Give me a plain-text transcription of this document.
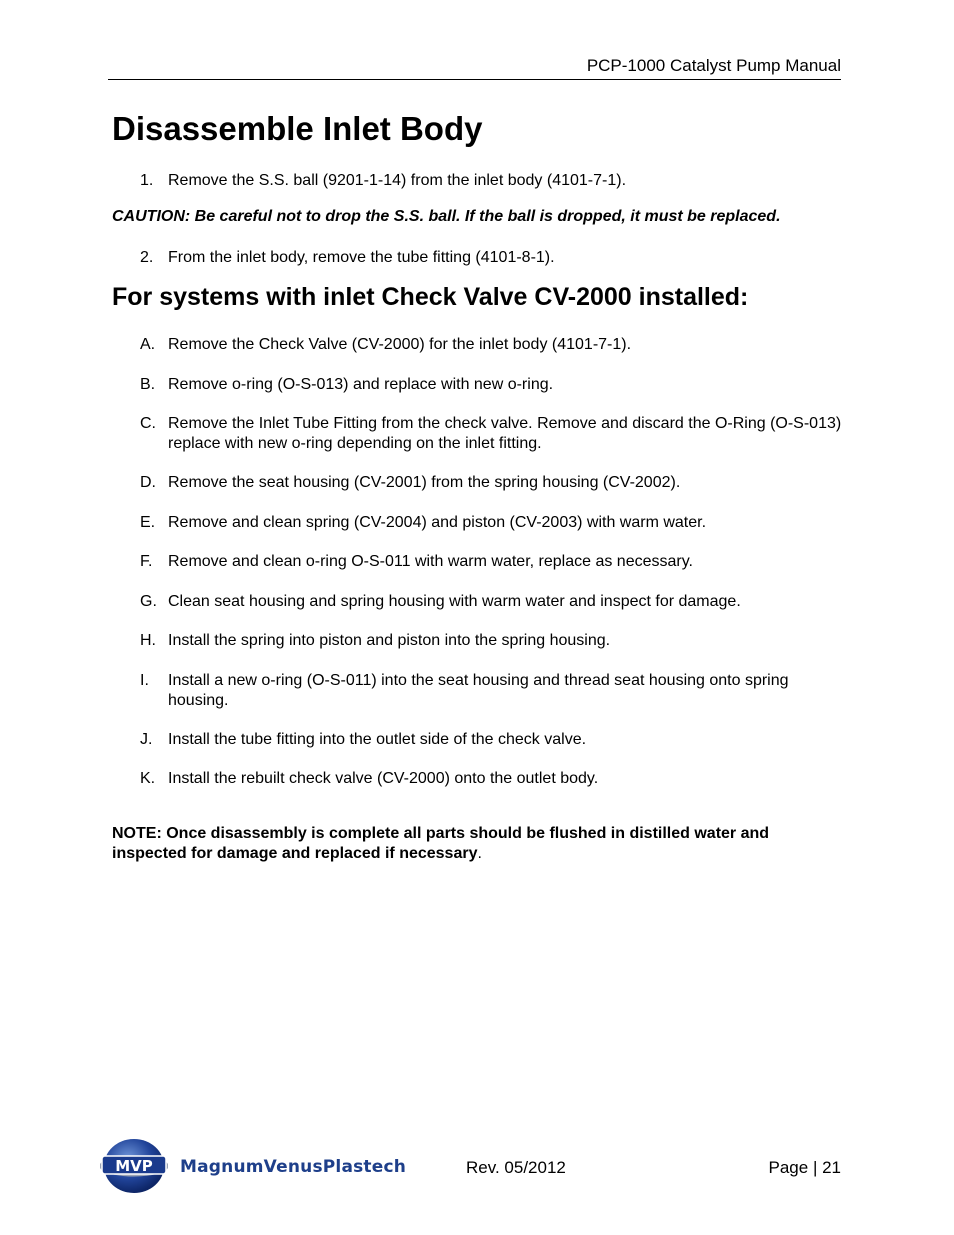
PCP-1000 Catalyst Pump Manual
Disassemble Inlet Body
1. Remove the S.S. ball (9201-1-14) from the inlet body (4101-7-1).
CAUTION: Be careful not to drop the S.S. ball. If the ball is dropped, it must be replaced.
2. From the inlet body, remove the tube fitting (4101-8-1).
For systems with inlet Check Valve CV-2000 installed:
A. Remove the Check Valve (CV-2000) for the inlet body (4101-7-1).
B. Remove o-ring (O-S-013) and replace with new o-ring.
C. Remove the Inlet Tube Fitting from the check valve. Remove and discard the O-Ring (O-S-013) replace with new o-ring depending on the inlet fitting.
D. Remove the seat housing (CV-2001) from the spring housing (CV-2002).
E. Remove and clean spring (CV-2004) and piston (CV-2003) with warm water.
F. Remove and clean o-ring O-S-011 with warm water, replace as necessary.
G. Clean seat housing and spring housing with warm water and inspect for damage.
H. Install the spring into piston and piston into the spring housing.
I.	Install a new o-ring (O-S-011) into the seat housing and thread seat housing onto spring housing.
J. Install the tube fitting into the outlet side of the check valve.
K. Install the rebuilt check valve (CV-2000) onto the outlet body.
NOTE: Once disassembly is complete all parts should be flushed in distilled water and inspected for damage and replaced if necessary.
MVP MagnumVenusPlastech	Rev. 05/2012	Page | 21
